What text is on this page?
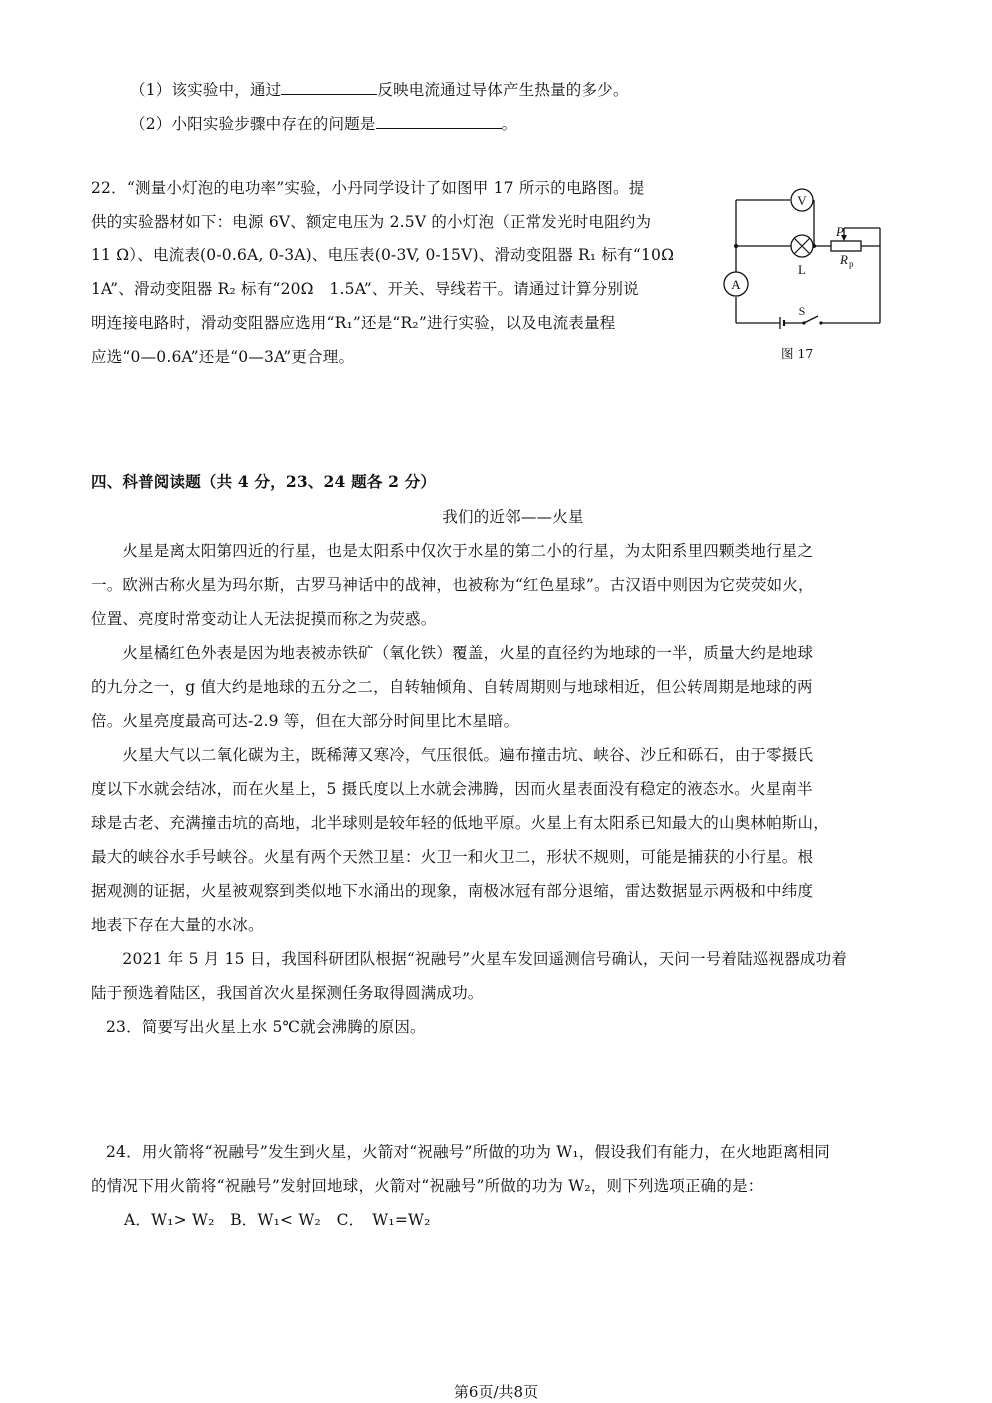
（1）该实验中，通过	反映电流通过导体产生热量的多少。
（2）小阳实验步骤中存在的问题是	。
22．“测量小灯泡的电功率”实验，小丹同学设计了如图甲 17 所示的电路图。提
供的实验器材如下：电源 6V、额定电压为 2.5V 的小灯泡（正常发光时电阻约为
11 Ω）、电流表(0-0.6A, 0-3A)、电压表(0-3V, 0-15V)、滑动变阻器 R₁ 标有“10Ω
1A”、滑动变阻器 R₂ 标有“20Ω　1.5A”、开关、导线若干。请通过计算分别说
明连接电路时，滑动变阻器应选用“R₁”还是“R₂”进行实验，以及电流表量程
应选“0—0.6A”还是“0—3A”更合理。
V
L
A
P
R p
S
图 17
四、科普阅读题（共 4 分，23、24 题各 2 分）
我们的近邻——火星
　　火星是离太阳第四近的行星，也是太阳系中仅次于水星的第二小的行星，为太阳系里四颗类地行星之
一。欧洲古称火星为玛尔斯，古罗马神话中的战神，也被称为“红色星球”。古汉语中则因为它荧荧如火，
位置、亮度时常变动让人无法捉摸而称之为荧惑。
　　火星橘红色外表是因为地表被赤铁矿（氧化铁）覆盖，火星的直径约为地球的一半，质量大约是地球
的九分之一，g 值大约是地球的五分之二，自转轴倾角、自转周期则与地球相近，但公转周期是地球的两
倍。火星亮度最高可达-2.9 等，但在大部分时间里比木星暗。
　　火星大气以二氧化碳为主，既稀薄又寒冷，气压很低。遍布撞击坑、峡谷、沙丘和砾石，由于零摄氏
度以下水就会结冰，而在火星上，5 摄氏度以上水就会沸腾，因而火星表面没有稳定的液态水。火星南半
球是古老、充满撞击坑的高地，北半球则是较年轻的低地平原。火星上有太阳系已知最大的山奥林帕斯山，
最大的峡谷水手号峡谷。火星有两个天然卫星：火卫一和火卫二，形状不规则，可能是捕获的小行星。根
据观测的证据，火星被观察到类似地下水涌出的现象，南极冰冠有部分退缩，雷达数据显示两极和中纬度
地表下存在大量的水冰。
　　2021 年 5 月 15 日，我国科研团队根据“祝融号”火星车发回遥测信号确认，天问一号着陆巡视器成功着
陆于预选着陆区，我国首次火星探测任务取得圆满成功。
23．简要写出火星上水 5℃就会沸腾的原因。
24．用火箭将“祝融号”发生到火星，火箭对“祝融号”所做的功为 W₁，假设我们有能力，在火地距离相同
的情况下用火箭将“祝融号”发射回地球，火箭对“祝融号”所做的功为 W₂，则下列选项正确的是：
A．W₁> W₂　B．W₁< W₂　C．　W₁=W₂
第6页/共8页
